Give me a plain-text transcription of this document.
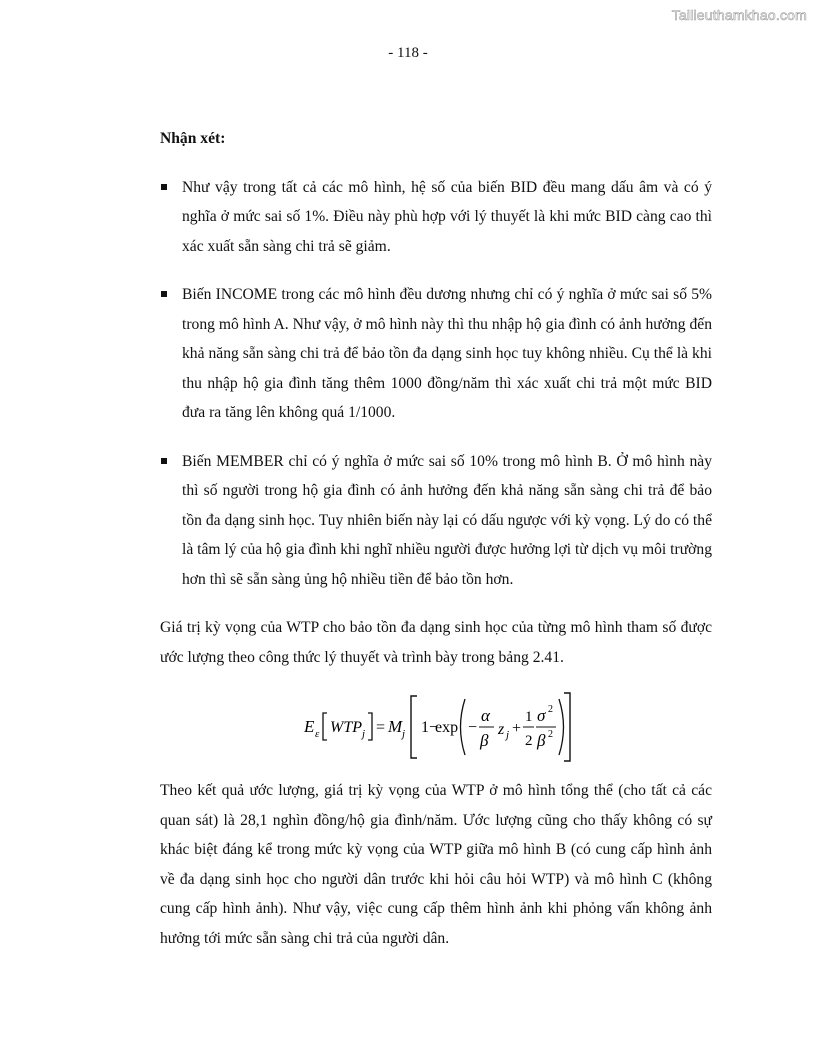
Tailieuthamkhao.com
- 118 -

Nhận xét:

Như vậy trong tất cả các mô hình, hệ số của biến BID đều mang dấu âm và có ý nghĩa ở mức sai số 1%. Điều này phù hợp với lý thuyết là khi mức BID càng cao thì xác xuất sẵn sàng chi trả sẽ giảm.
Biến INCOME trong các mô hình đều dương nhưng chỉ có ý nghĩa ở mức sai số 5% trong mô hình A. Như vậy, ở mô hình này thì thu nhập hộ gia đình có ảnh hưởng đến khả năng sẵn sàng chi trả để bảo tồn đa dạng sinh học tuy không nhiều. Cụ thể là khi thu nhập hộ gia đình tăng thêm 1000 đồng/năm thì xác xuất chi trả một mức BID đưa ra tăng lên không quá 1/1000.
Biến MEMBER chỉ có ý nghĩa ở mức sai số 10% trong mô hình B. Ở mô hình này thì số người trong hộ gia đình có ảnh hưởng đến khả năng sẵn sàng chi trả để bảo tồn đa dạng sinh học. Tuy nhiên biến này lại có dấu ngược với kỳ vọng. Lý do có thể là tâm lý của hộ gia đình khi nghĩ nhiều người được hưởng lợi từ dịch vụ môi trường hơn thì sẽ sẵn sàng ủng hộ nhiều tiền để bảo tồn hơn.

Giá trị kỳ vọng của WTP cho bảo tồn đa dạng sinh học của từng mô hình tham số được ước lượng theo công thức lý thuyết và trình bày trong bảng 2.41.

E ε WTP j = M j 1−
exp −
α
β
z j +
1
2
σ 2
β 2

Theo kết quả ước lượng, giá trị kỳ vọng của WTP ở mô hình tổng thể (cho tất cả các quan sát) là 28,1 nghìn đồng/hộ gia đình/năm. Ước lượng cũng cho thấy không có sự khác biệt đáng kể trong mức kỳ vọng của WTP giữa mô hình B (có cung cấp hình ảnh về đa dạng sinh học cho người dân trước khi hỏi câu hỏi WTP) và mô hình C (không cung cấp hình ảnh). Như vậy, việc cung cấp thêm hình ảnh khi phỏng vấn không ảnh hưởng tới mức sẵn sàng chi trả của người dân.
